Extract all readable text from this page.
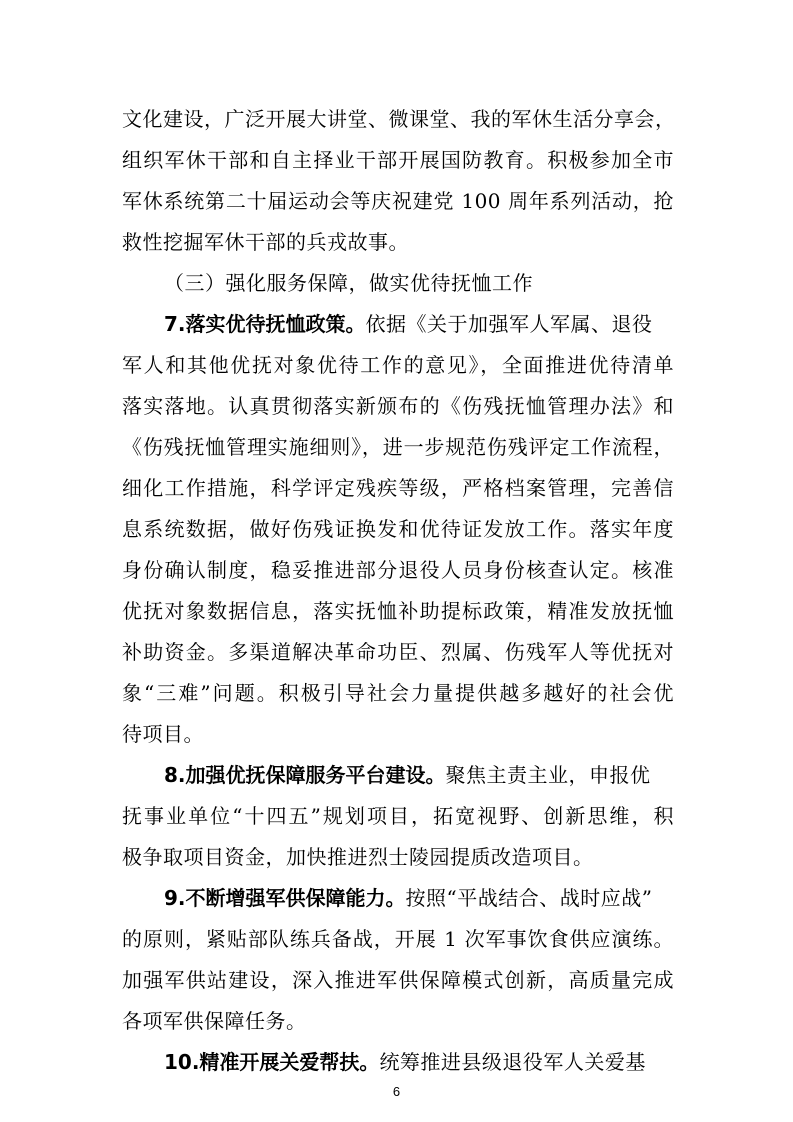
文化建设，广泛开展大讲堂、微课堂、我的军休生活分享会，
组织军休干部和自主择业干部开展国防教育。积极参加全市
军休系统第二十届运动会等庆祝建党 100 周年系列活动，抢
救性挖掘军休干部的兵戎故事。
（三）强化服务保障，做实优待抚恤工作
7.落实优待抚恤政策。依据《关于加强军人军属、退役
军人和其他优抚对象优待工作的意见》，全面推进优待清单
落实落地。认真贯彻落实新颁布的《伤残抚恤管理办法》和
《伤残抚恤管理实施细则》，进一步规范伤残评定工作流程，
细化工作措施，科学评定残疾等级，严格档案管理，完善信
息系统数据，做好伤残证换发和优待证发放工作。落实年度
身份确认制度，稳妥推进部分退役人员身份核查认定。核准
优抚对象数据信息，落实抚恤补助提标政策，精准发放抚恤
补助资金。多渠道解决革命功臣、烈属、伤残军人等优抚对
象“三难”问题。积极引导社会力量提供越多越好的社会优
待项目。
8.加强优抚保障服务平台建设。聚焦主责主业，申报优
抚事业单位“十四五”规划项目，拓宽视野、创新思维，积
极争取项目资金，加快推进烈士陵园提质改造项目。
9.不断增强军供保障能力。按照“平战结合、战时应战”
的原则，紧贴部队练兵备战，开展 1 次军事饮食供应演练。
加强军供站建设，深入推进军供保障模式创新，高质量完成
各项军供保障任务。
10.精准开展关爱帮扶。统筹推进县级退役军人关爱基
6
